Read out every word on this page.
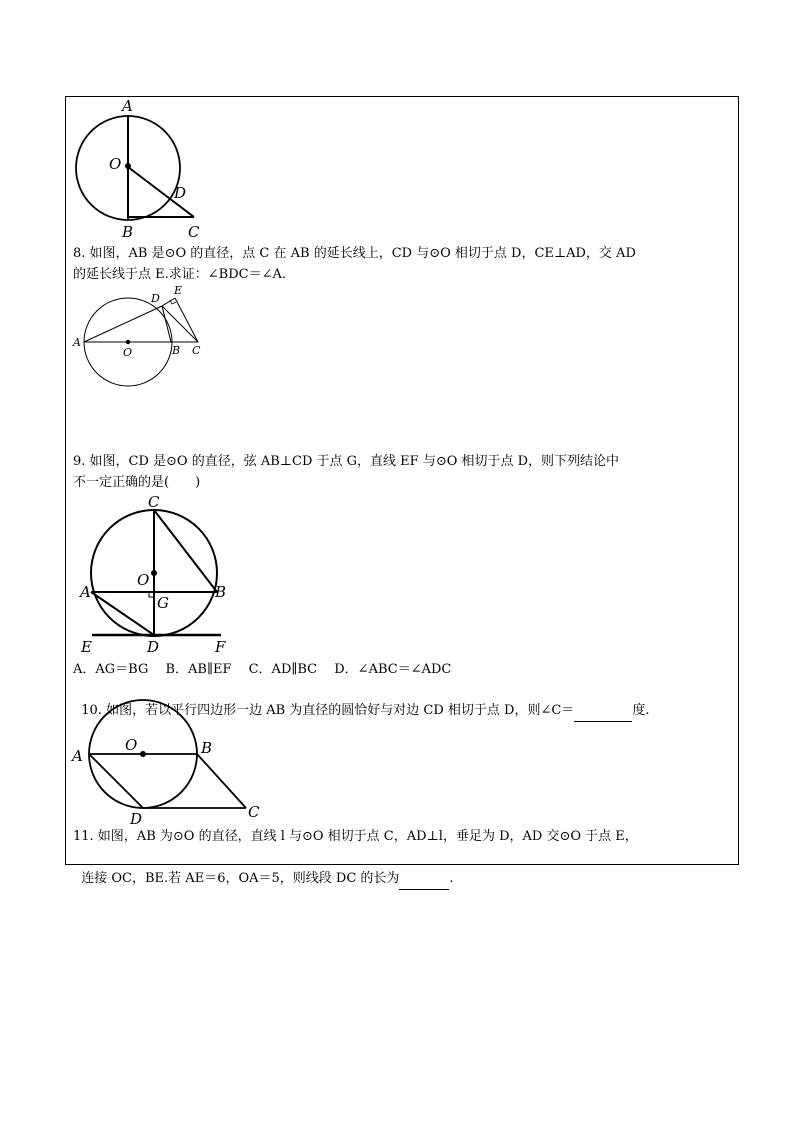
A
O
D
B	C
8. 如图，AB 是⊙O 的直径，点 C 在 AB 的延长线上，CD 与⊙O 相切于点 D，CE⊥AD，交 AD
的延长线于点 E.求证：∠BDC＝∠A.
A
O	B C
D
E
9. 如图，CD 是⊙O 的直径，弦 AB⊥CD 于点 G，直线 EF 与⊙O 相切于点 D，则下列结论中
不一定正确的是(　　)
C
O
A	B
G
E	D	F
A．AG＝BG　 B．AB∥EF　 C．AD∥BC　 D．∠ABC＝∠ADC

10. 如图，若以平行四边形一边 AB 为直径的圆恰好与对边 CD 相切于点 D，则∠C＝	度.

A
O	B
D	C
11. 如图，AB 为⊙O 的直径，直线 l 与⊙O 相切于点 C，AD⊥l，垂足为 D，AD 交⊙O 于点 E，

连接 OC，BE.若 AE＝6，OA＝5，则线段 DC 的长为	.
